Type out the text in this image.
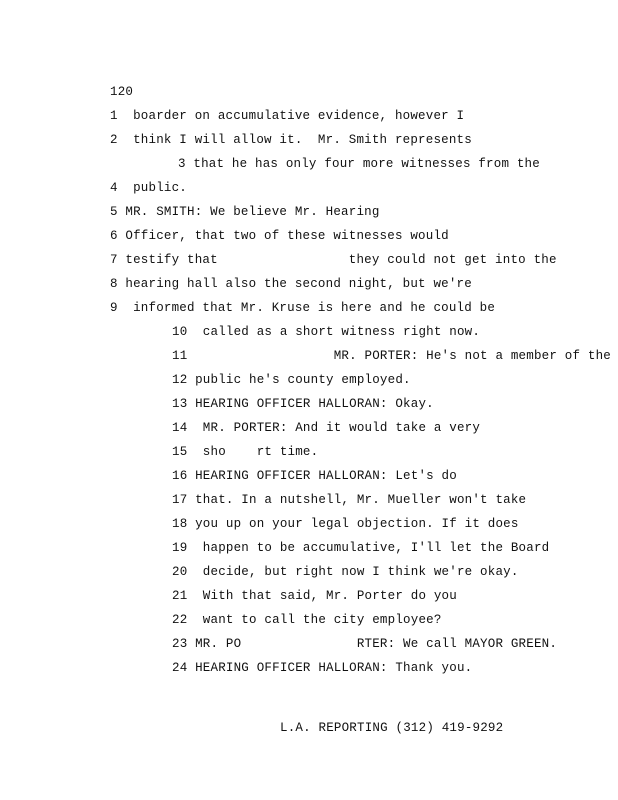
120
1  boarder on accumulative evidence, however I
2  think I will allow it.  Mr. Smith represents
3 that he has only four more witnesses from the
4  public.
5 MR. SMITH: We believe Mr. Hearing
6 Officer, that two of these witnesses would
7 testify that                 they could not get into the
8 hearing hall also the second night, but we're
9  informed that Mr. Kruse is here and he could be
10  called as a short witness right now.
11                   MR. PORTER: He's not a member of the
12 public he's county employed.
13 HEARING OFFICER HALLORAN: Okay.
14  MR. PORTER: And it would take a very
15  sho    rt time.
16 HEARING OFFICER HALLORAN: Let's do
17 that. In a nutshell, Mr. Mueller won't take
18 you up on your legal objection. If it does
19  happen to be accumulative, I'll let the Board
20  decide, but right now I think we're okay.
21  With that said, Mr. Porter do you
22  want to call the city employee?
23 MR. PO               RTER: We call MAYOR GREEN.
24 HEARING OFFICER HALLORAN: Thank you.
L.A. REPORTING (312) 419-9292
